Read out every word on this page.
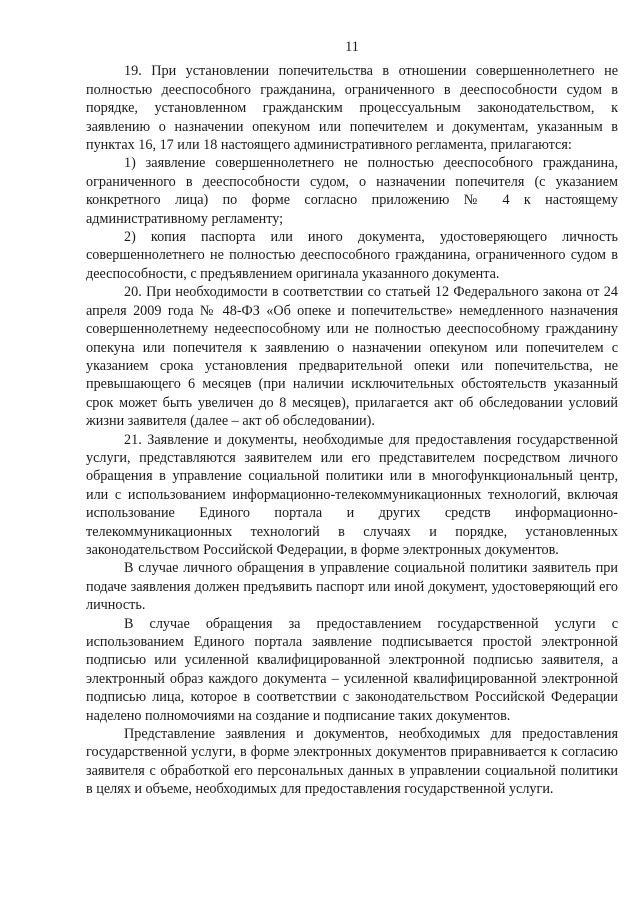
11

19. При установлении попечительства в отношении совершеннолетнего не полностью дееспособного гражданина, ограниченного в дееспособности судом в порядке, установленном гражданским процессуальным законодательством, к заявлению о назначении опекуном или попечителем и документам, указанным в пунктах 16, 17 или 18 настоящего административного регламента, прилагаются:

1) заявление совершеннолетнего не полностью дееспособного гражданина, ограниченного в дееспособности судом, о назначении попечителя (с указанием конкретного лица) по форме согласно приложению № 4 к настоящему административному регламенту;

2) копия паспорта или иного документа, удостоверяющего личность совершеннолетнего не полностью дееспособного гражданина, ограниченного судом в дееспособности, с предъявлением оригинала указанного документа.

20. При необходимости в соответствии со статьей 12 Федерального закона от 24 апреля 2009 года № 48-ФЗ «Об опеке и попечительстве» немедленного назначения совершеннолетнему недееспособному или не полностью дееспособному гражданину опекуна или попечителя к заявлению о назначении опекуном или попечителем с указанием срока установления предварительной опеки или попечительства, не превышающего 6 месяцев (при наличии исключительных обстоятельств указанный срок может быть увеличен до 8 месяцев), прилагается акт об обследовании условий жизни заявителя (далее – акт об обследовании).

21. Заявление и документы, необходимые для предоставления государственной услуги, представляются заявителем или его представителем посредством личного обращения в управление социальной политики или в многофункциональный центр, или с использованием информационно-телекоммуникационных технологий, включая использование Единого портала и других средств информационно-телекоммуникационных технологий в случаях и порядке, установленных законодательством Российской Федерации, в форме электронных документов.

В случае личного обращения в управление социальной политики заявитель при подаче заявления должен предъявить паспорт или иной документ, удостоверяющий его личность.

В случае обращения за предоставлением государственной услуги с использованием Единого портала заявление подписывается простой электронной подписью или усиленной квалифицированной электронной подписью заявителя, а электронный образ каждого документа – усиленной квалифицированной электронной подписью лица, которое в соответствии с законодательством Российской Федерации наделено полномочиями на создание и подписание таких документов.

Представление заявления и документов, необходимых для предоставления государственной услуги, в форме электронных документов приравнивается к согласию заявителя с обработкой его персональных данных в управлении социальной политики в целях и объеме, необходимых для предоставления государственной услуги.
